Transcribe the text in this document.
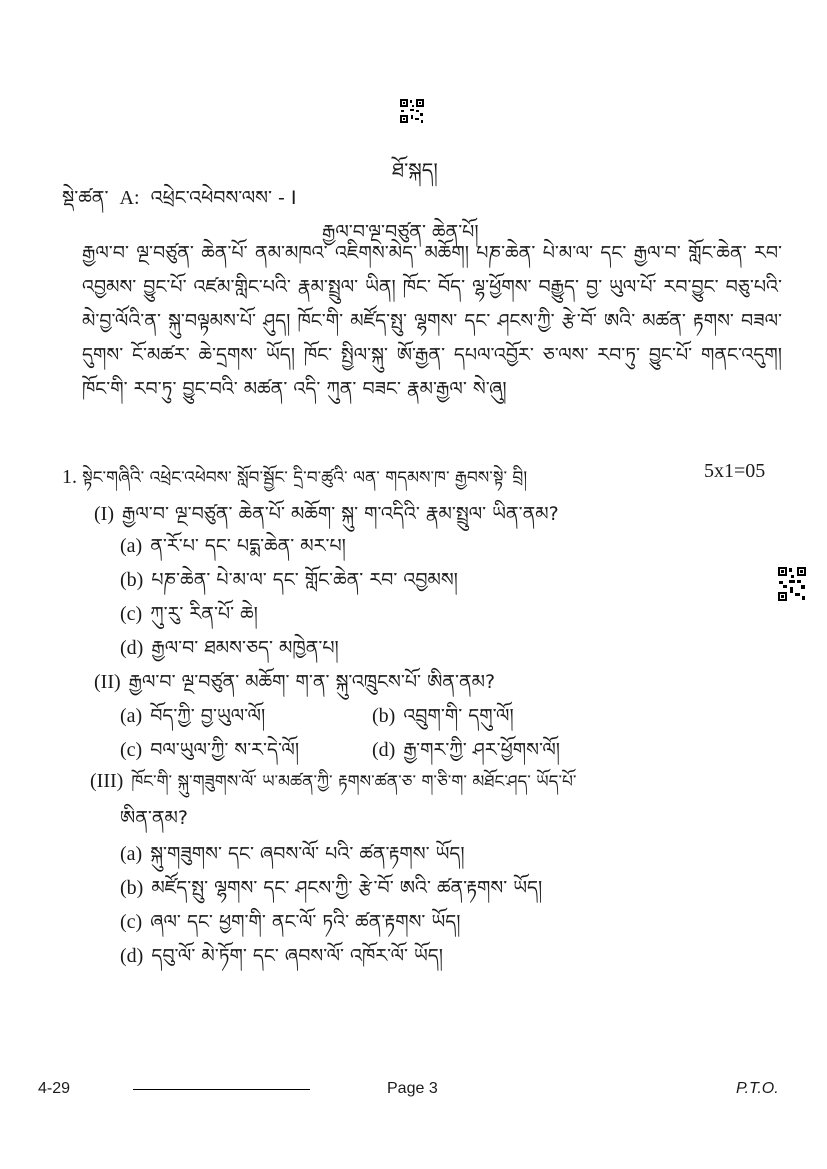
ཐོ་སྐད།
སྡེ་ཚན་ A: འཕྲེང་འཕེབས་ལས་ - I
རྒྱལ་བ་ལྔ་བཙུན་ ཆེན་པོ།
རྒྱལ་བ་ ལྔ་བཙུན་ ཆེན་པོ་ ནམ་མཁའ་ འཇིགས་མེད་ མཆོག། པཎ་ཆེན་ པེ་མ་ལ་ དང་ རྒྱལ་བ་ གློང་ཆེན་ རབ་འབྱམས་ བྱུང་པོ་ འཛམ་གླིང་པའི་ རྣམ་སྤྲུལ་ ཡིན། ཁོང་ བོད་ ལྷ་ཕྱོགས་ བརྒྱུད་ བྱ་ ཡུལ་པོ་ རབ་བྱུང་ བཅུ་པའི་ མེ་བྱ་ལོའི་ན་ སྐུ་བལྟམས་པོ་ ཤུད། ཁོང་གི་ མཛོད་སྤུ་ ལྷགས་ དང་ ཤངས་ཀྱི་ རྩེ་བོ་ ཨའི་ མཚན་ རྟགས་ བཟལ་དུགས་ ངོ་མཚར་ ཆེ་དྲགས་ ཡོད། ཁོང་ སྤྱིལ་སྐུ་ ཨོ་རྒྱན་ དཔལ་འབྱོར་ ཅ་ལས་ རབ་ཏུ་ བྱུང་པོ་ གནང་འདུག། ཁོང་གི་ རབ་ཏུ་ བྱུང་བའི་ མཚན་ འདི་ ཀུན་ བཟང་ རྣམ་རྒྱལ་ སེ་ཞུ།
1. སྟེང་གཞིའི་ འཕྲེང་འཕེབས་ སློབ་སྦྱོང་ དྲི་བ་ཚུའི་ ལན་ གདམས་ཁ་ རྒྱབས་སྟེ་ བྲི།	5x1=05
(I) རྒྱལ་བ་ ལྔ་བཙུན་ ཆེན་པོ་ མཆོག་ སྐུ་ ག་འདིའི་ རྣམ་སྤྲུལ་ ཡིན་ནམ?
(a) ན་རོ་པ་ དང་ པདྨ་ཆེན་ མར་པ།
(b) པཎ་ཆེན་ པེ་མ་ལ་ དང་ གློང་ཆེན་ རབ་ འབྱམས།
(c) ཀུ་རུ་ རིན་པོ་ ཆེ།
(d) རྒྱལ་བ་ ཐམས་ཅད་ མཁྱེན་པ།
(II) རྒྱལ་བ་ ལྔ་བཙུན་ མཆོག་ ག་ན་ སྐུ་འཁྲུངས་པོ་ ཨིན་ནམ?
(a) བོད་ཀྱི་ བྱ་ཡུལ་ལོ།	(b) འབྲུག་གི་ དགུ་ལོ།
(c) བལ་ཡུལ་ཀྱི་ ས་ར་དེ་ལོ།	(d) རྒྱ་གར་ཀྱི་ ཤར་ཕྱོགས་ལོ།
(III) ཁོང་གི་ སྐུ་གཟུགས་ལོ་ ཡ་མཚན་ཀྱི་ རྟགས་ཚན་ཅ་ ག་ཅི་ག་ མཐོང་ཤད་ ཡོད་པོ་
ཨིན་ནམ?
(a) སྐུ་གཟུགས་ དང་ ཞབས་ལོ་ པའི་ ཚན་རྟགས་ ཡོད།
(b) མཛོད་སྤུ་ ལྷགས་ དང་ ཤངས་ཀྱི་ རྩེ་བོ་ ཨའི་ ཚན་རྟགས་ ཡོད།
(c) ཞལ་ དང་ ཕྱག་གི་ ནང་ལོ་ ཏའི་ ཚན་རྟགས་ ཡོད།
(d) དབུ་ལོ་ མེ་ཏོག་ དང་ ཞབས་ལོ་ འཁོར་ལོ་ ཡོད།
4-29	Page 3	P.T.O.
